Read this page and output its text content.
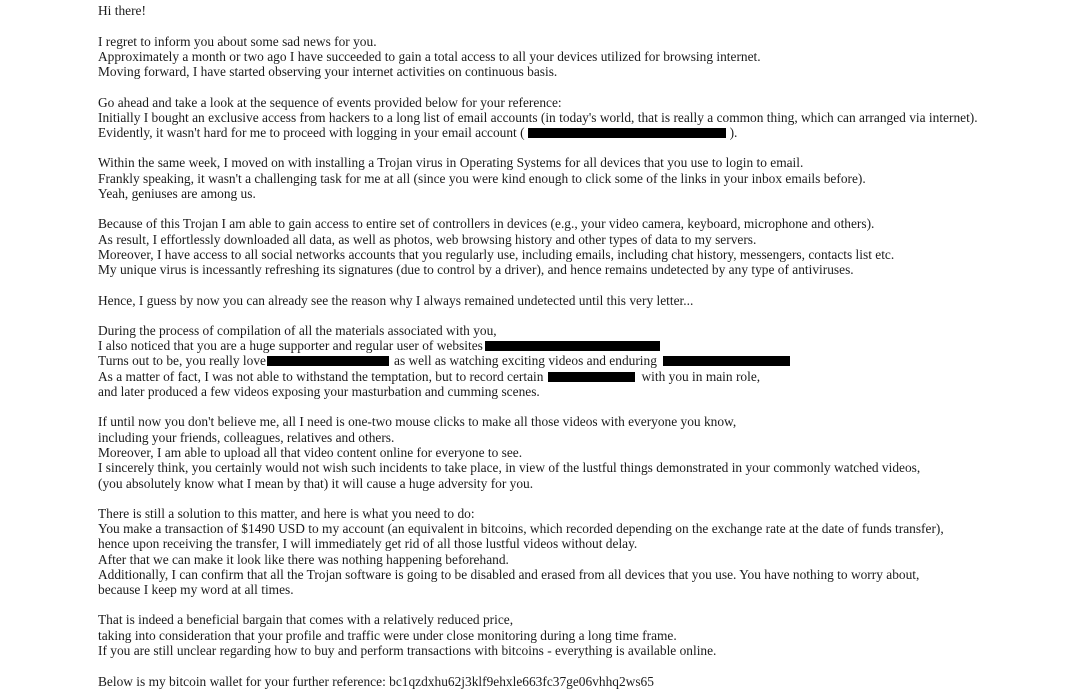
Hi there!
I regret to inform you about some sad news for you.
Approximately a month or two ago I have succeeded to gain a total access to all your devices utilized for browsing internet.
Moving forward, I have started observing your internet activities on continuous basis.
Go ahead and take a look at the sequence of events provided below for your reference:
Initially I bought an exclusive access from hackers to a long list of email accounts (in today's world, that is really a common thing, which can arranged via internet).
Evidently, it wasn't hard for me to proceed with logging in your email account (	).
Within the same week, I moved on with installing a Trojan virus in Operating Systems for all devices that you use to login to email.
Frankly speaking, it wasn't a challenging task for me at all (since you were kind enough to click some of the links in your inbox emails before).
Yeah, geniuses are among us.
Because of this Trojan I am able to gain access to entire set of controllers in devices (e.g., your video camera, keyboard, microphone and others).
As result, I effortlessly downloaded all data, as well as photos, web browsing history and other types of data to my servers.
Moreover, I have access to all social networks accounts that you regularly use, including emails, including chat history, messengers, contacts list etc.
My unique virus is incessantly refreshing its signatures (due to control by a driver), and hence remains undetected by any type of antiviruses.
Hence, I guess by now you can already see the reason why I always remained undetected until this very letter...
During the process of compilation of all the materials associated with you,
I also noticed that you are a huge supporter and regular user of websites
Turns out to be, you really love	as well as watching exciting videos and enduring
As a matter of fact, I was not able to withstand the temptation, but to record certain	with you in main role,
and later produced a few videos exposing your masturbation and cumming scenes.
If until now you don't believe me, all I need is one-two mouse clicks to make all those videos with everyone you know,
including your friends, colleagues, relatives and others.
Moreover, I am able to upload all that video content online for everyone to see.
I sincerely think, you certainly would not wish such incidents to take place, in view of the lustful things demonstrated in your commonly watched videos,
(you absolutely know what I mean by that) it will cause a huge adversity for you.
There is still a solution to this matter, and here is what you need to do:
You make a transaction of $1490 USD to my account (an equivalent in bitcoins, which recorded depending on the exchange rate at the date of funds transfer),
hence upon receiving the transfer, I will immediately get rid of all those lustful videos without delay.
After that we can make it look like there was nothing happening beforehand.
Additionally, I can confirm that all the Trojan software is going to be disabled and erased from all devices that you use. You have nothing to worry about,
because I keep my word at all times.
That is indeed a beneficial bargain that comes with a relatively reduced price,
taking into consideration that your profile and traffic were under close monitoring during a long time frame.
If you are still unclear regarding how to buy and perform transactions with bitcoins - everything is available online.
Below is my bitcoin wallet for your further reference: bc1qzdxhu62j3klf9ehxle663fc37ge06vhhq2ws65
